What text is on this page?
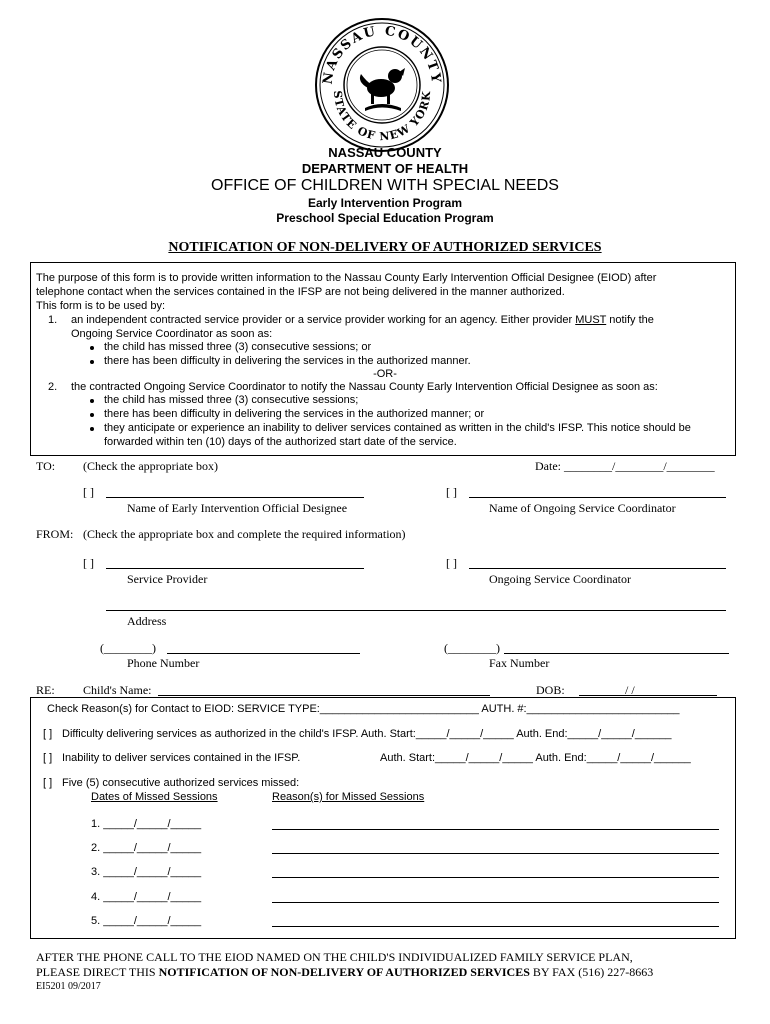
NASSAU COUNTY
STATE OF NEW YORK
NASSAU COUNTY
DEPARTMENT OF HEALTH
OFFICE OF CHILDREN WITH SPECIAL NEEDS
Early Intervention Program
Preschool Special Education Program
NOTIFICATION OF NON-DELIVERY OF AUTHORIZED SERVICES
The purpose of this form is to provide written information to the Nassau County Early Intervention Official Designee (EIOD) after
telephone contact when the services contained in the IFSP are not being delivered in the manner authorized.
This form is to be used by:
1. an independent contracted service provider or a service provider working for an agency. Either provider MUST notify the
Ongoing Service Coordinator as soon as:
the child has missed three (3) consecutive sessions; or
there has been difficulty in delivering the services in the authorized manner.
-OR-
2. the contracted Ongoing Service Coordinator to notify the Nassau County Early Intervention Official Designee as soon as:
the child has missed three (3) consecutive sessions;
there has been difficulty in delivering the services in the authorized manner; or
they anticipate or experience an inability to deliver services contained as written in the child's IFSP. This notice should be
forwarded within ten (10) days of the authorized start date of the service.
TO: (Check the appropriate box)	Date: ________/________/________
[ ]
Name of Early Intervention Official Designee
[ ]
Name of Ongoing Service Coordinator
FROM: (Check the appropriate box and complete the required information)
[ ]
Service Provider
[ ]
Ongoing Service Coordinator
Address
(________)
Phone Number
(________)
Fax Number
RE: Child's Name:	DOB:	/ /
Check Reason(s) for Contact to EIOD: SERVICE TYPE:__________________________ AUTH. #:_________________________
[ ] Difficulty delivering services as authorized in the child's IFSP. Auth. Start:_____/_____/_____ Auth. End:_____/_____/______
[ ] Inability to deliver services contained in the IFSP.	Auth. Start:_____/_____/_____ Auth. End:_____/_____/______
[ ] Five (5) consecutive authorized services missed:
Dates of Missed Sessions	Reason(s) for Missed Sessions
1. _____/_____/_____
2. _____/_____/_____
3. _____/_____/_____
4. _____/_____/_____
5. _____/_____/_____
AFTER THE PHONE CALL TO THE EIOD NAMED ON THE CHILD'S INDIVIDUALIZED FAMILY SERVICE PLAN,
PLEASE DIRECT THIS NOTIFICATION OF NON-DELIVERY OF AUTHORIZED SERVICES BY FAX (516) 227-8663
EI5201 09/2017
